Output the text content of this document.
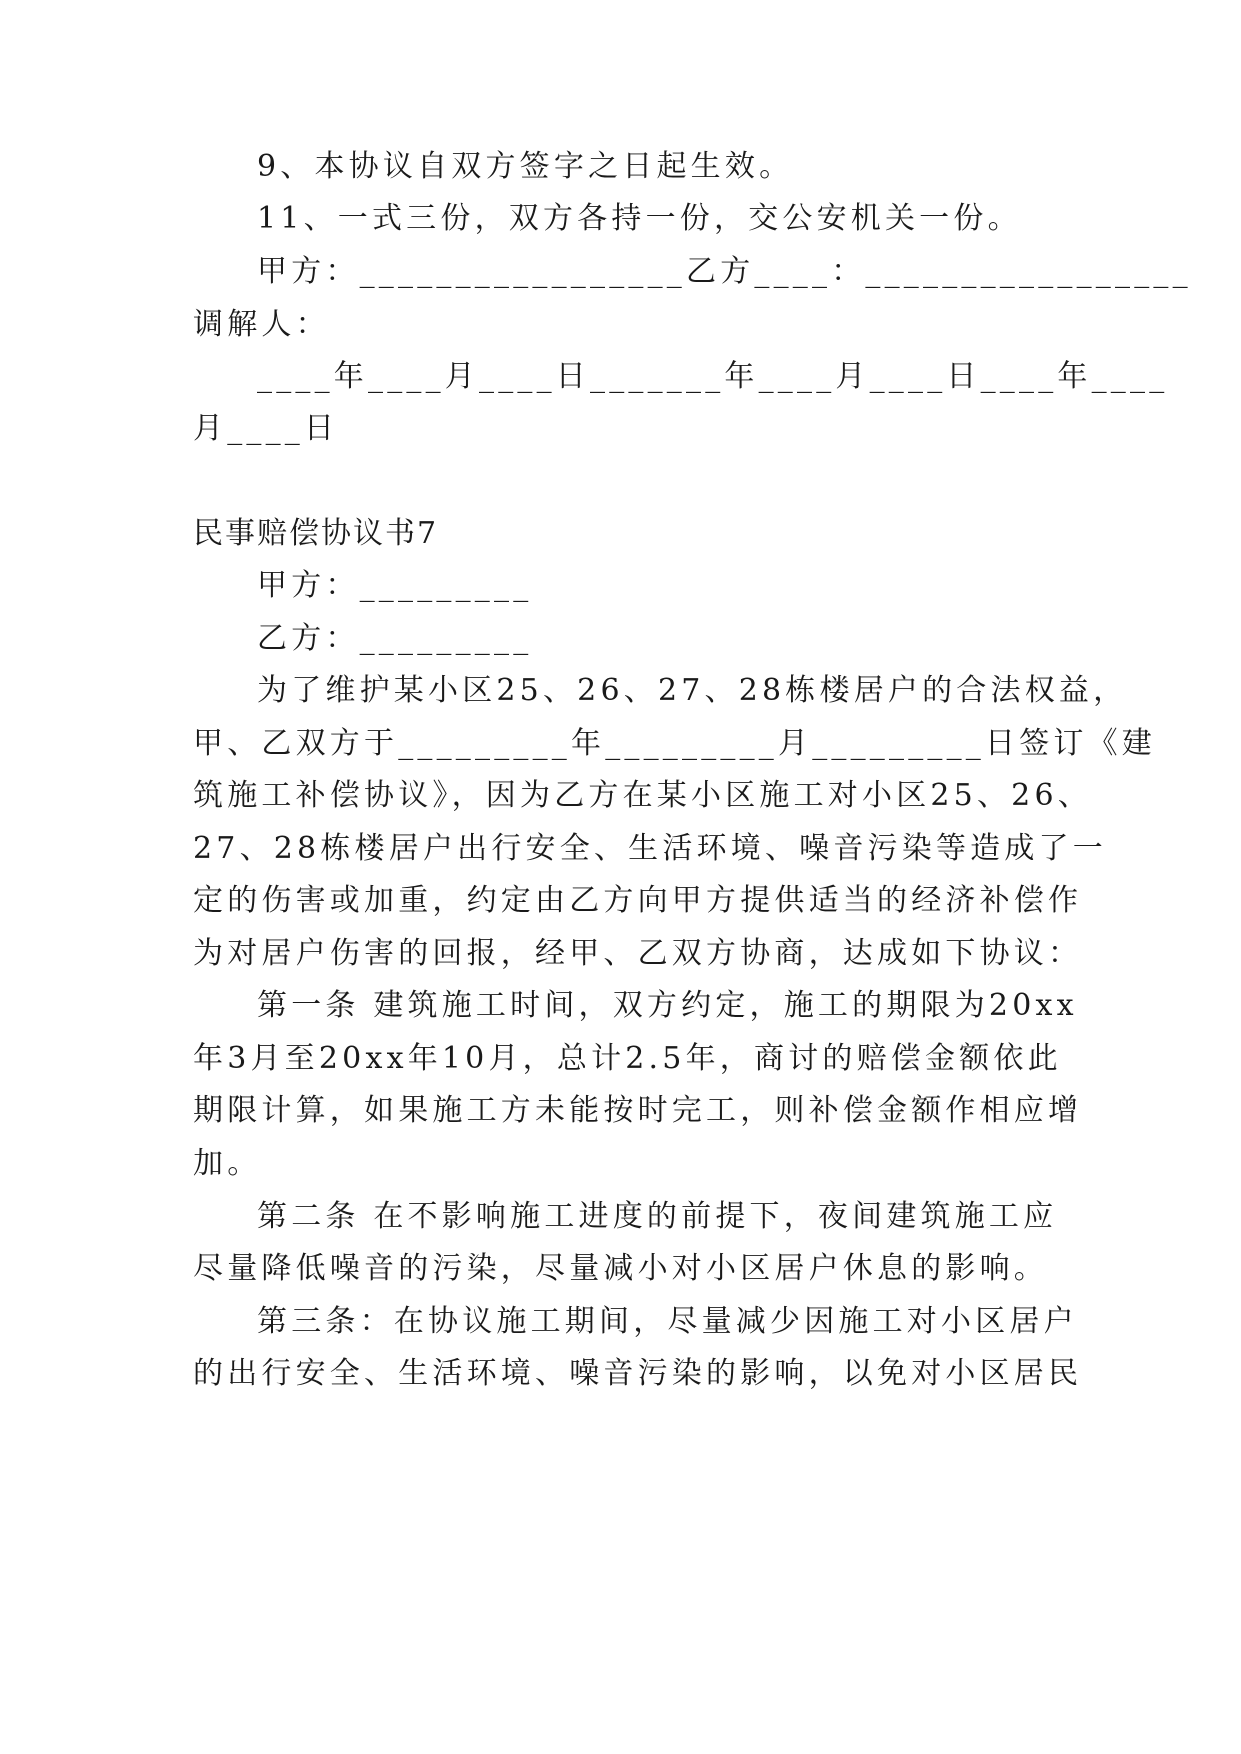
9、本协议自双方签字之日起生效。
11、一式三份，双方各持一份，交公安机关一份。
甲方：_________________乙方____：_________________
调解人：
____年____月____日_______年____月____日____年____
月____日
民事赔偿协议书7
甲方：_________
乙方：_________
为了维护某小区25、26、27、28栋楼居户的合法权益，
甲、乙双方于_________年_________月_________日签订《建
筑施工补偿协议》，因为乙方在某小区施工对小区25、26、
27、28栋楼居户出行安全、生活环境、噪音污染等造成了一
定的伤害或加重，约定由乙方向甲方提供适当的经济补偿作
为对居户伤害的回报，经甲、乙双方协商，达成如下协议：
第一条 建筑施工时间，双方约定，施工的期限为20xx
年3月至20xx年10月，总计2.5年，商讨的赔偿金额依此
期限计算，如果施工方未能按时完工，则补偿金额作相应增
加。
第二条 在不影响施工进度的前提下，夜间建筑施工应
尽量降低噪音的污染，尽量减小对小区居户休息的影响。
第三条：在协议施工期间，尽量减少因施工对小区居户
的出行安全、生活环境、噪音污染的影响，以免对小区居民
